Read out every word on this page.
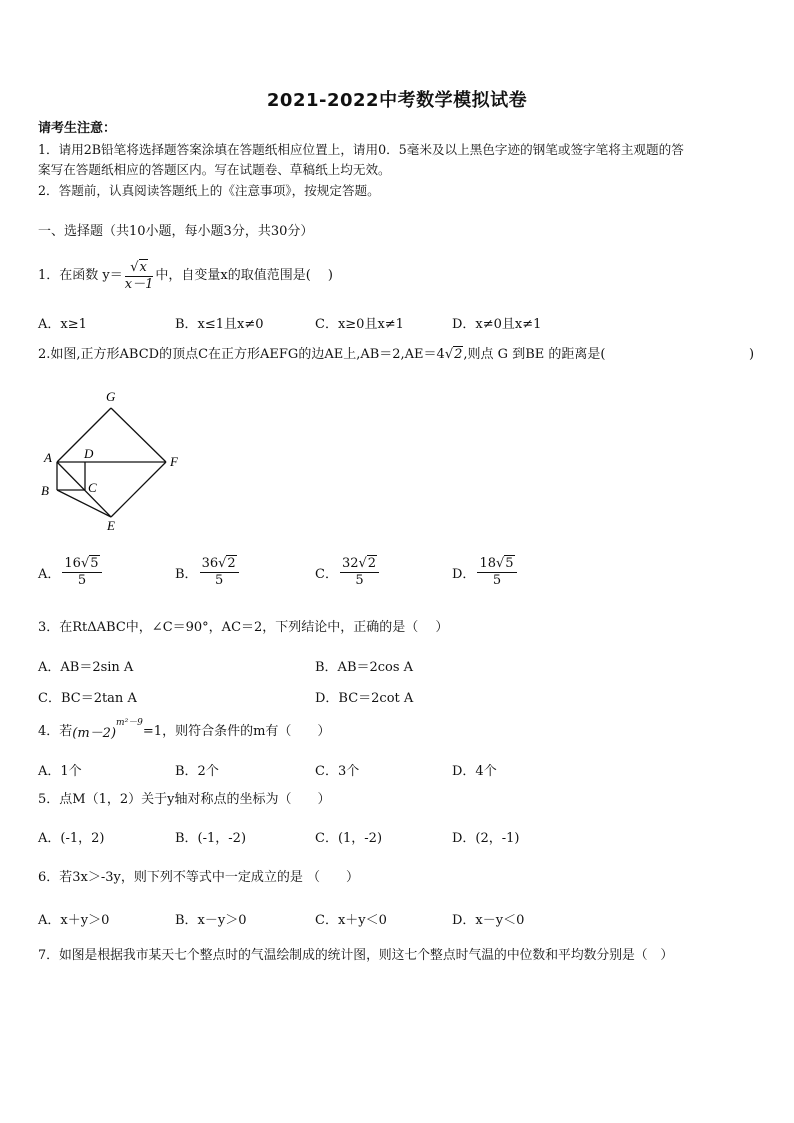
2021-2022中考数学模拟试卷
请考生注意：
1．请用2B铅笔将选择题答案涂填在答题纸相应位置上，请用0．5毫米及以上黑色字迹的钢笔或签字笔将主观题的答
案写在答题纸相应的答题区内。写在试题卷、草稿纸上均无效。
2．答题前，认真阅读答题纸上的《注意事项》，按规定答题。
一、选择题（共10小题，每小题3分，共30分）
1．在函数 $y= \frac{√x}{x-1}$ 中，自变量x的取值范围是(　 )
A．x≥1	B．x≤1且x≠0	C．x≥0且x≠1	D．x≠0且x≠1
2.如图,正方形ABCD的顶点C在正方形AEFG的边AE上,AB＝2,AE＝4 √2 ,则点 G 到BE 的距离是(	)
G
A D
F
B	C
E
A． $\frac{16√5}{5}$	B． $\frac{36√2}{5}$	C． $\frac{32√2}{5}$	D． $\frac{18√5}{5}$
3．在RtΔABC中，∠C＝90°，AC＝2，下列结论中，正确的是（　 ）
A．AB＝2sin A	B．AB＝2cos A
C．BC＝2tan A	D．BC＝2cot A
4．若 (m－2)
$^{m^2-9}$
=1，则符合条件的m有（　　）
A．1个	B．2个	C．3个	D．4个
5．点M（1，2）关于y轴对称点的坐标为（　　）
A．(-1，2)	B．(-1，-2)	C．(1，-2)	D．(2，-1)
6．若3x＞-3y，则下列不等式中一定成立的是 （　　）
A．x＋y＞0	B．x－y＞0	C．x＋y＜0	D．x－y＜0
7．如图是根据我市某天七个整点时的气温绘制成的统计图，则这七个整点时气温的中位数和平均数分别是（　）
